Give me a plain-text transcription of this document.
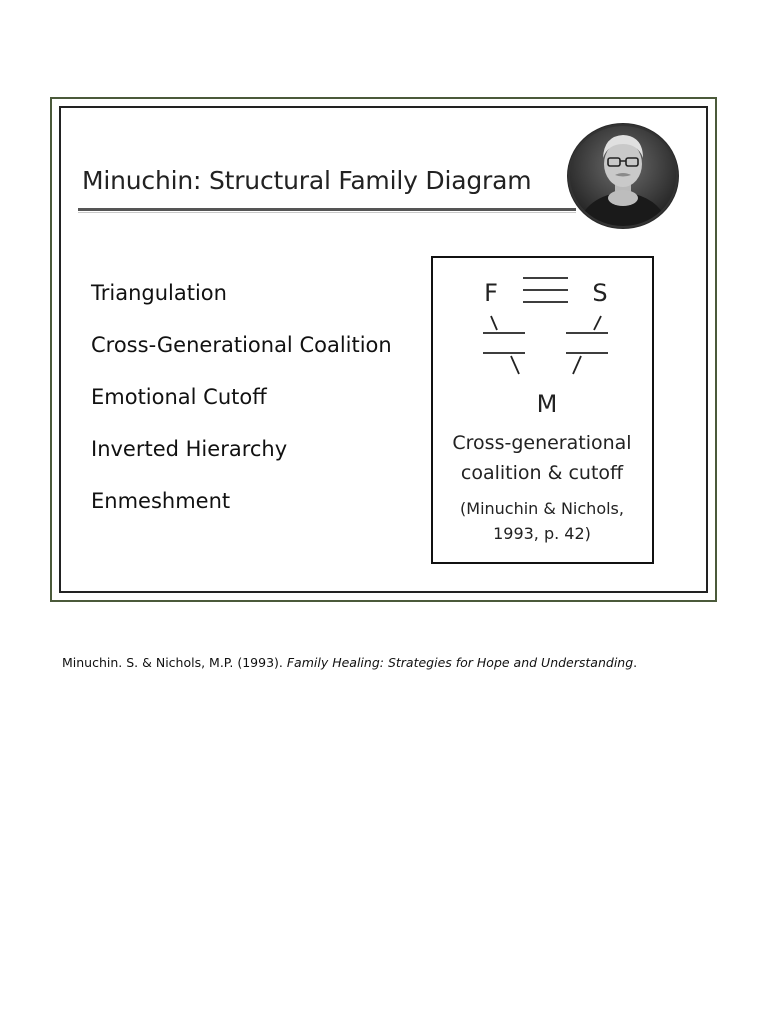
Minuchin: Structural Family Diagram
Triangulation
Cross-Generational Coalition
Emotional Cutoff
Inverted Hierarchy
Enmeshment
F	S
M
Cross-generational
coalition & cutoff
(Minuchin & Nichols,
1993, p. 42)
Minuchin. S. & Nichols, M.P. (1993). Family Healing: Strategies for Hope and Understanding.
